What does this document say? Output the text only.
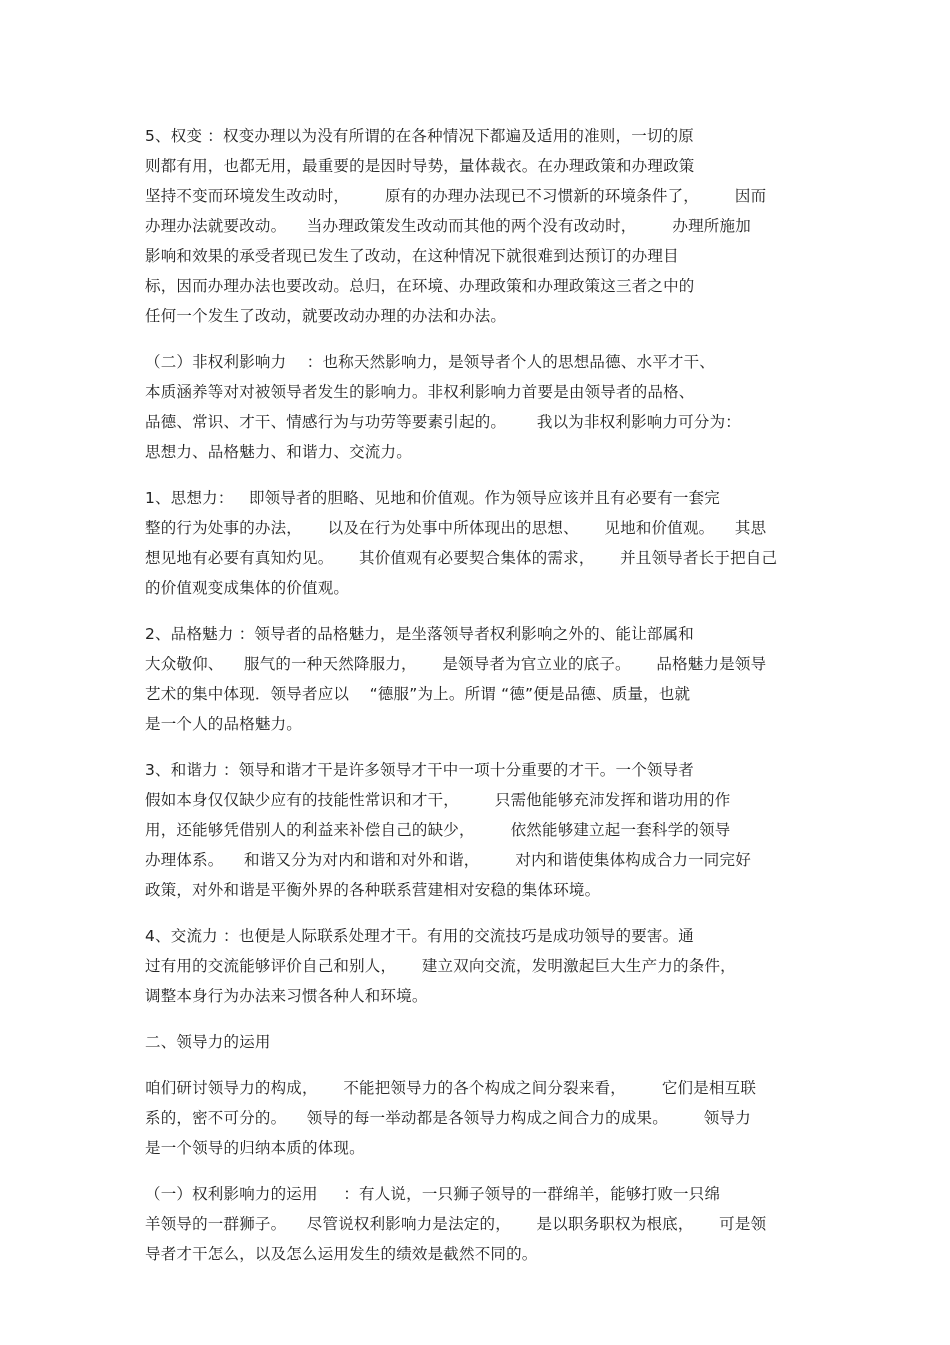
5、权变 ：权变办理以为没有所谓的在各种情况下都遍及适用的准则，一切的原
则都有用，也都无用，最重要的是因时导势，量体裁衣。在办理政策和办理政策
坚持不变而环境发生改动时，       原有的办理办法现已不习惯新的环境条件了，       因而
办理办法就要改动。    当办理政策发生改动而其他的两个没有改动时，       办理所施加
影响和效果的承受者现已发生了改动，在这种情况下就很难到达预订的办理目
标，因而办理办法也要改动。总归，在环境、办理政策和办理政策这三者之中的
任何一个发生了改动，就要改动办理的办法和办法。
（二）非权利影响力    ：也称天然影响力，是领导者个人的思想品德、水平才干、
本质涵养等对对被领导者发生的影响力。非权利影响力首要是由领导者的品格、
品德、常识、才干、情感行为与功劳等要素引起的。      我以为非权利影响力可分为：
思想力、品格魅力、和谐力、交流力。
1、思想力：   即领导者的胆略、见地和价值观。作为领导应该并且有必要有一套完
整的行为处事的办法，     以及在行为处事中所体现出的思想、     见地和价值观。    其思
想见地有必要有真知灼见。     其价值观有必要契合集体的需求，     并且领导者长于把自己
的价值观变成集体的价值观。
2、品格魅力 ：领导者的品格魅力，是坐落领导者权利影响之外的、能让部属和
大众敬仰、    服气的一种天然降服力，     是领导者为官立业的底子。     品格魅力是领导
艺术的集中体现．领导者应以    “德服”为上。所谓 “德”便是品德、质量，也就
是一个人的品格魅力。
3、和谐力 ：领导和谐才干是许多领导才干中一项十分重要的才干。一个领导者
假如本身仅仅缺少应有的技能性常识和才干，       只需他能够充沛发挥和谐功用的作
用，还能够凭借别人的利益来补偿自己的缺少，       依然能够建立起一套科学的领导
办理体系。    和谐又分为对内和谐和对外和谐，       对内和谐使集体构成合力一同完好
政策，对外和谐是平衡外界的各种联系营建相对安稳的集体环境。
4、交流力 ：也便是人际联系处理才干。有用的交流技巧是成功领导的要害。通
过有用的交流能够评价自己和别人，     建立双向交流，发明激起巨大生产力的条件，
调整本身行为办法来习惯各种人和环境。
二、领导力的运用
咱们研讨领导力的构成，     不能把领导力的各个构成之间分裂来看，       它们是相互联
系的，密不可分的。    领导的每一举动都是各领导力构成之间合力的成果。       领导力
是一个领导的归纳本质的体现。
（一）权利影响力的运用     ：有人说，一只狮子领导的一群绵羊，能够打败一只绵
羊领导的一群狮子。    尽管说权利影响力是法定的，     是以职务职权为根底，     可是领
导者才干怎么，以及怎么运用发生的绩效是截然不同的。
